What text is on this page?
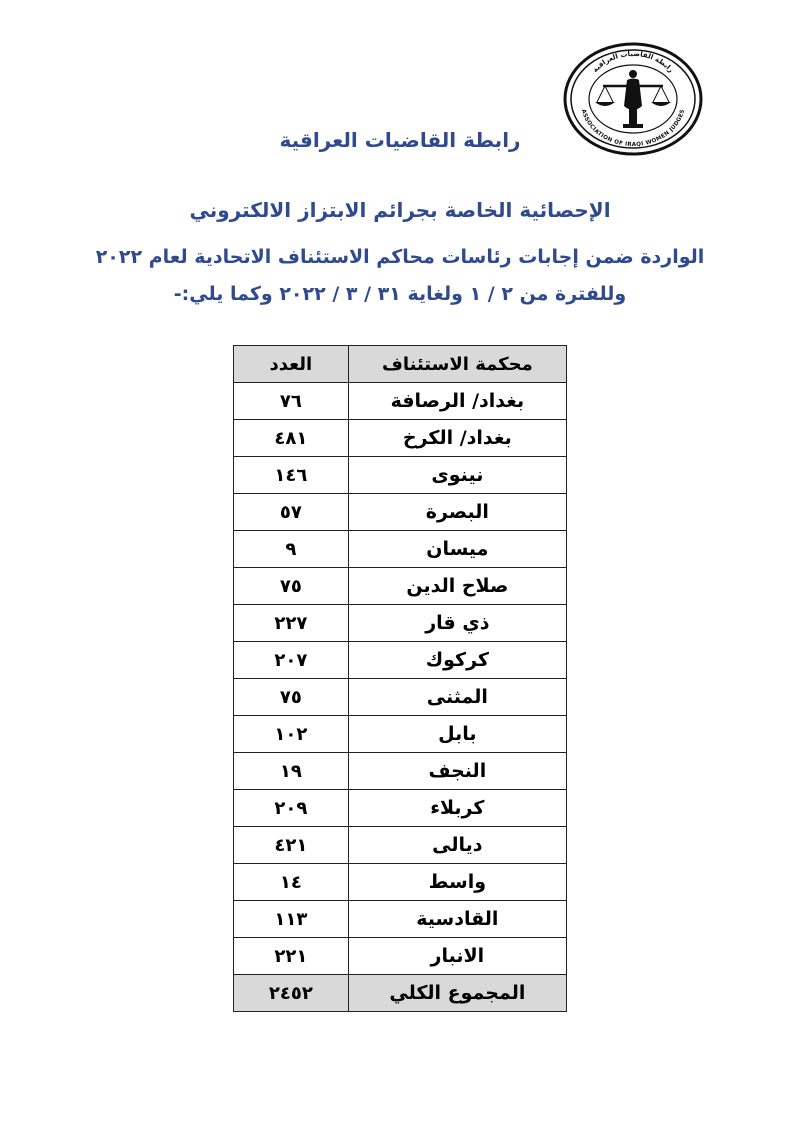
رابطة القاضيات العراقية
ASSOCIATION OF IRAQI WOMEN JUDGES
رابطة القاضيات العراقية
الإحصائية الخاصة بجرائم الابتزاز الالكتروني
الواردة ضمن إجابات رئاسات محاكم الاستئناف الاتحادية لعام ٢٠٢٢
وللفترة من ٢ / ١ ولغاية ٣١ / ٣ / ٢٠٢٢ وكما يلي:-
محكمة الاستئناف	العدد
بغداد/ الرصافة	٧٦
بغداد/ الكرخ	٤٨١
نينوى	١٤٦
البصرة	٥٧
ميسان	٩
صلاح الدين	٧٥
ذي قار	٢٢٧
كركوك	٢٠٧
المثنى	٧٥
بابل	١٠٢
النجف	١٩
كربلاء	٢٠٩
ديالى	٤٢١
واسط	١٤
القادسية	١١٣
الانبار	٢٢١
المجموع الكلي	٢٤٥٢
